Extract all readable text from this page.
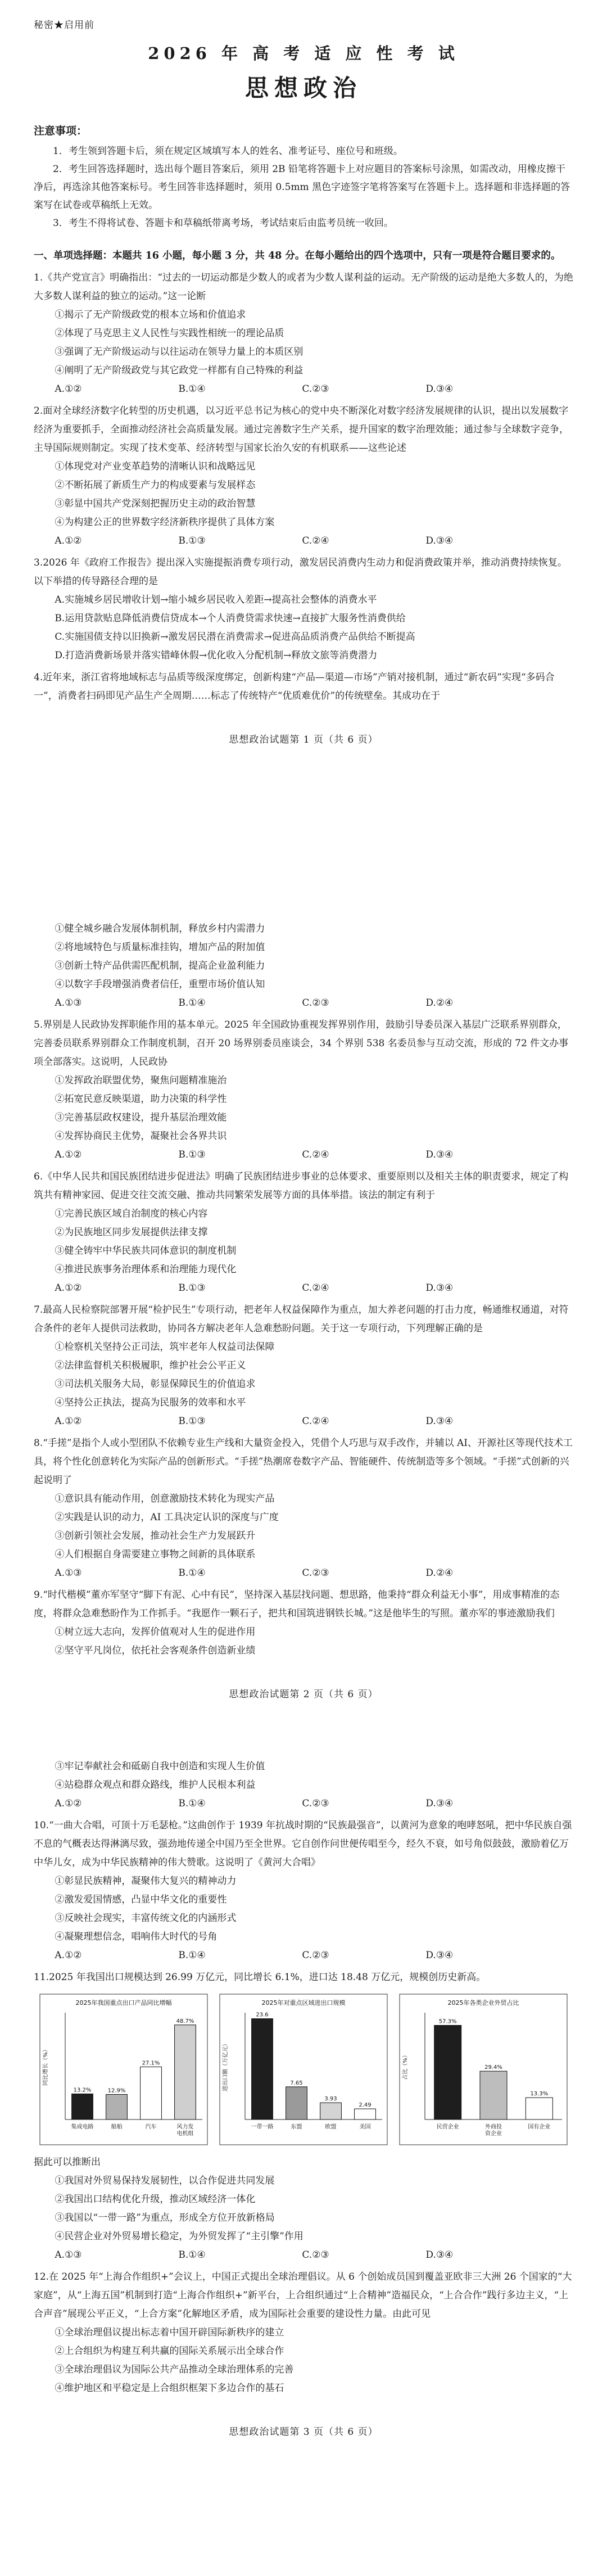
秘密★启用前
2026 年 高 考 适 应 性 考 试
思想政治
注意事项：

1．考生领到答题卡后，须在规定区域填写本人的姓名、准考证号、座位号和班级。

2．考生回答选择题时，选出每个题目答案后，须用 2B 铅笔将答题卡上对应题目的答案标号涂黑，如需改动，用橡皮擦干净后，再选涂其他答案标号。考生回答非选择题时，须用 0.5mm 黑色字迹签字笔将答案写在答题卡上。选择题和非选择题的答案写在试卷或草稿纸上无效。

3．考生不得将试卷、答题卡和草稿纸带离考场，考试结束后由监考员统一收回。

一、单项选择题：本题共 16 小题，每小题 3 分，共 48 分。在每小题给出的四个选项中，只有一项是符合题目要求的。

1.《共产党宣言》明确指出：“过去的一切运动都是少数人的或者为少数人谋利益的运动。无产阶级的运动是绝大多数人的，为绝大多数人谋利益的独立的运动。”这一论断

①揭示了无产阶级政党的根本立场和价值追求

②体现了马克思主义人民性与实践性相统一的理论品质

③强调了无产阶级运动与以往运动在领导力量上的本质区别

④阐明了无产阶级政党与其它政党一样都有自己特殊的利益

A.①②	B.①④	C.②③	D.③④

2.面对全球经济数字化转型的历史机遇，以习近平总书记为核心的党中央不断深化对数字经济发展规律的认识，提出以发展数字经济为重要抓手，全面推动经济社会高质量发展。通过完善数字生产关系，提升国家的数字治理效能；通过参与全球数字竞争，主导国际规则制定。实现了技术变革、经济转型与国家长治久安的有机联系——这些论述

①体现党对产业变革趋势的清晰认识和战略远见

②不断拓展了新质生产力的构成要素与发展样态

③彰显中国共产党深刻把握历史主动的政治智慧

④为构建公正的世界数字经济新秩序提供了具体方案

A.①②	B.①③	C.②④	D.③④

3.2026 年《政府工作报告》提出深入实施提振消费专项行动，激发居民消费内生动力和促消费政策并举，推动消费持续恢复。以下举措的传导路径合理的是

A.实施城乡居民增收计划→缩小城乡居民收入差距→提高社会整体的消费水平

B.运用贷款贴息降低消费信贷成本→个人消费贷需求快速→直接扩大服务性消费供给

C.实施国债支持以旧换新→激发居民潜在消费需求→促进高品质消费产品供给不断提高

D.打造消费新场景并落实错峰休假→优化收入分配机制→释放文旅等消费潜力

4.近年来，浙江省将地域标志与品质等级深度绑定，创新构建“产品—渠道—市场”产销对接机制，通过“新农码”实现“多码合一”，消费者扫码即见产品生产全周期……标志了传统特产“优质难优价”的传统壁垒。其成功在于

思想政治试题第 1 页（共 6 页）

①健全城乡融合发展体制机制，释放乡村内需潜力

②将地域特色与质量标准挂钩，增加产品的附加值

③创新土特产品供需匹配机制，提高企业盈利能力

④以数字手段增强消费者信任，重塑市场价值认知

A.①③	B.①④	C.②③	D.②④

5.界别是人民政协发挥职能作用的基本单元。2025 年全国政协重视发挥界别作用，鼓励引导委员深入基层广泛联系界别群众，完善委员联系界别群众工作制度机制，召开 20 场界别委员座谈会，34 个界别 538 名委员参与互动交流，形成的 72 件文办事项全部落实。这说明，人民政协

①发挥政治联盟优势，聚焦问题精准施治

②拓宽民意反映渠道，助力决策的科学性

③完善基层政权建设，提升基层治理效能

④发挥协商民主优势，凝聚社会各界共识

A.①②	B.①③	C.②④	D.③④

6.《中华人民共和国民族团结进步促进法》明确了民族团结进步事业的总体要求、重要原则以及相关主体的职责要求，规定了构筑共有精神家园、促进交往交流交融、推动共同繁荣发展等方面的具体举措。该法的制定有利于

①完善民族区域自治制度的核心内容

②为民族地区同步发展提供法律支撑

③健全铸牢中华民族共同体意识的制度机制

④推进民族事务治理体系和治理能力现代化

A.①②	B.①③	C.②④	D.③④

7.最高人民检察院部署开展“检护民生”专项行动，把老年人权益保障作为重点，加大养老问题的打击力度，畅通维权通道，对符合条件的老年人提供司法救助，协同各方解决老年人急难愁盼问题。关于这一专项行动，下列理解正确的是

①检察机关坚持公正司法，筑牢老年人权益司法保障

②法律监督机关积极履职，维护社会公平正义

③司法机关服务大局，彰显保障民生的价值追求

④坚持公正执法，提高为民服务的效率和水平

A.①②	B.①③	C.②④	D.③④

8.“手搓”是指个人或小型团队不依赖专业生产线和大量资金投入，凭借个人巧思与双手改作，并辅以 AI、开源社区等现代技术工具，将个性化创意转化为实际产品的创新形式。“手搓”热潮席卷数字产品、智能硬件、传统制造等多个领域。“手搓”式创新的兴起说明了

①意识具有能动作用，创意激励技术转化为现实产品

②实践是认识的动力，AI 工具决定认识的深度与广度

③创新引领社会发展，推动社会生产力发展跃升

④人们根据自身需要建立事物之间新的具体联系

A.①③	B.①④	C.②③	D.②④

9.“时代楷模”董亦军坚守“脚下有泥、心中有民”，坚持深入基层找问题、想思路，他秉持“群众利益无小事”，用成事精准的态度，将群众急难愁盼作为工作抓手。“我愿作一颗石子，把共和国筑进钢铁长城。”这是他毕生的写照。董亦军的事迹激励我们

①树立远大志向，发挥价值观对人生的促进作用

②坚守平凡岗位，依托社会客观条件创造新业绩

思想政治试题第 2 页（共 6 页）

③牢记奉献社会和砥砺自我中创造和实现人生价值

④站稳群众观点和群众路线，维护人民根本利益

A.①②	B.①④	C.②③	D.③④

10.“一曲大合唱，可顶十万毛瑟枪。”这曲创作于 1939 年抗战时期的“民族最强音”，以黄河为意象的咆哮怒吼，把中华民族自强不息的气概表达得淋漓尽致，强劲地传递全中国乃至全世界。它自创作问世便传唱至今，经久不衰，如号角似鼓鼓，激励着亿万中华儿女，成为中华民族精神的伟大赞歌。这说明了《黄河大合唱》

①彰显民族精神，凝聚伟大复兴的精神动力

②激发爱国情感，凸显中华文化的重要性

③反映社会现实，丰富传统文化的内涵形式

④凝聚理想信念，唱响伟大时代的号角

A.①②	B.①④	C.②③	D.③④

11.2025 年我国出口规模达到 26.99 万亿元，同比增长 6.1%，进口达 18.48 万亿元，规模创历史新高。

2025年我国重点出口产品同比增幅
同比增长（%）
13.2%
集成电路
12.9%
船舶
27.1%
汽车
48.7%
风力发电机组
2025年对重点区域进出口规模
进出口额（万亿元）
23.6
一带一路
7.65
东盟
3.93
欧盟
2.49
美国
2025年各类企业外贸占比
占比（%）
57.3%
民营企业
29.4%
外商投资企业
13.3%
国有企业

据此可以推断出

①我国对外贸易保持发展韧性，以合作促进共同发展

②我国出口结构优化升级，推动区域经济一体化

③我国以“一带一路”为重点，形成全方位开放新格局

④民营企业对外贸易增长稳定，为外贸发挥了“主引擎”作用

A.①③	B.①④	C.②③	D.③④

12.在 2025 年“上海合作组织+”会议上，中国正式提出全球治理倡议。从 6 个创始成员国到覆盖亚欧非三大洲 26 个国家的“大家庭”，从“上海五国”机制到打造“上海合作组织+”新平台，上合组织通过“上合精神”造福民众，“上合合作”践行多边主义，“上合声音”展现公平正义，“上合方案”化解地区矛盾，成为国际社会重要的建设性力量。由此可见

①全球治理倡议提出标志着中国开辟国际新秩序的建立

②上合组织为构建互利共赢的国际关系展示出全球合作

③全球治理倡议为国际公共产品推动全球治理体系的完善

④维护地区和平稳定是上合组织框架下多边合作的基石

思想政治试题第 3 页（共 6 页）
